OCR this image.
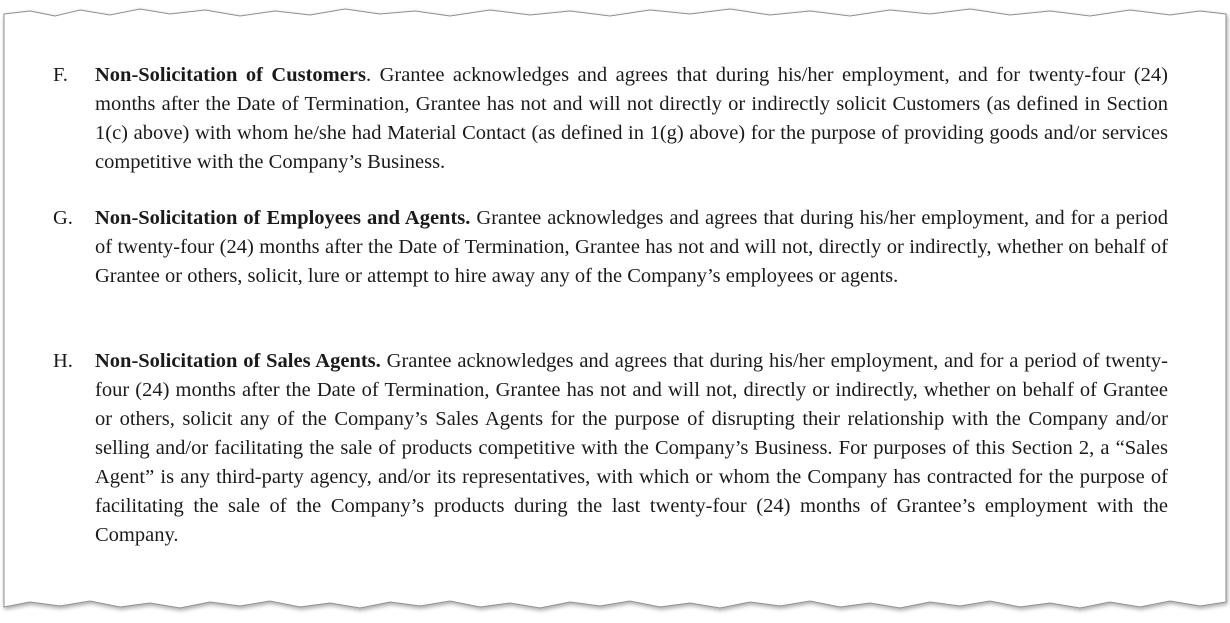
F.	Non-Solicitation of Customers. Grantee acknowledges and agrees that during his/her employment, and for twenty-four (24) months after the Date of Termination, Grantee has not and will not directly or indirectly solicit Customers (as defined in Section 1(c) above) with whom he/she had Material Contact (as defined in 1(g) above) for the purpose of providing goods and/or services competitive with the Company’s Business.
G.	Non-Solicitation of Employees and Agents. Grantee acknowledges and agrees that during his/her employment, and for a period of twenty-four (24) months after the Date of Termination, Grantee has not and will not, directly or indirectly, whether on behalf of Grantee or others, solicit, lure or attempt to hire away any of the Company’s employees or agents.
H.	Non-Solicitation of Sales Agents. Grantee acknowledges and agrees that during his/her employment, and for a period of twenty-four (24) months after the Date of Termination, Grantee has not and will not, directly or indirectly, whether on behalf of Grantee or others, solicit any of the Company’s Sales Agents for the purpose of disrupting their relationship with the Company and/or selling and/or facilitating the sale of products competitive with the Company’s Business. For purposes of this Section 2, a “Sales Agent” is any third-party agency, and/or its representatives, with which or whom the Company has contracted for the purpose of facilitating the sale of the Company’s products during the last twenty-four (24) months of Grantee’s employment with the Company.
